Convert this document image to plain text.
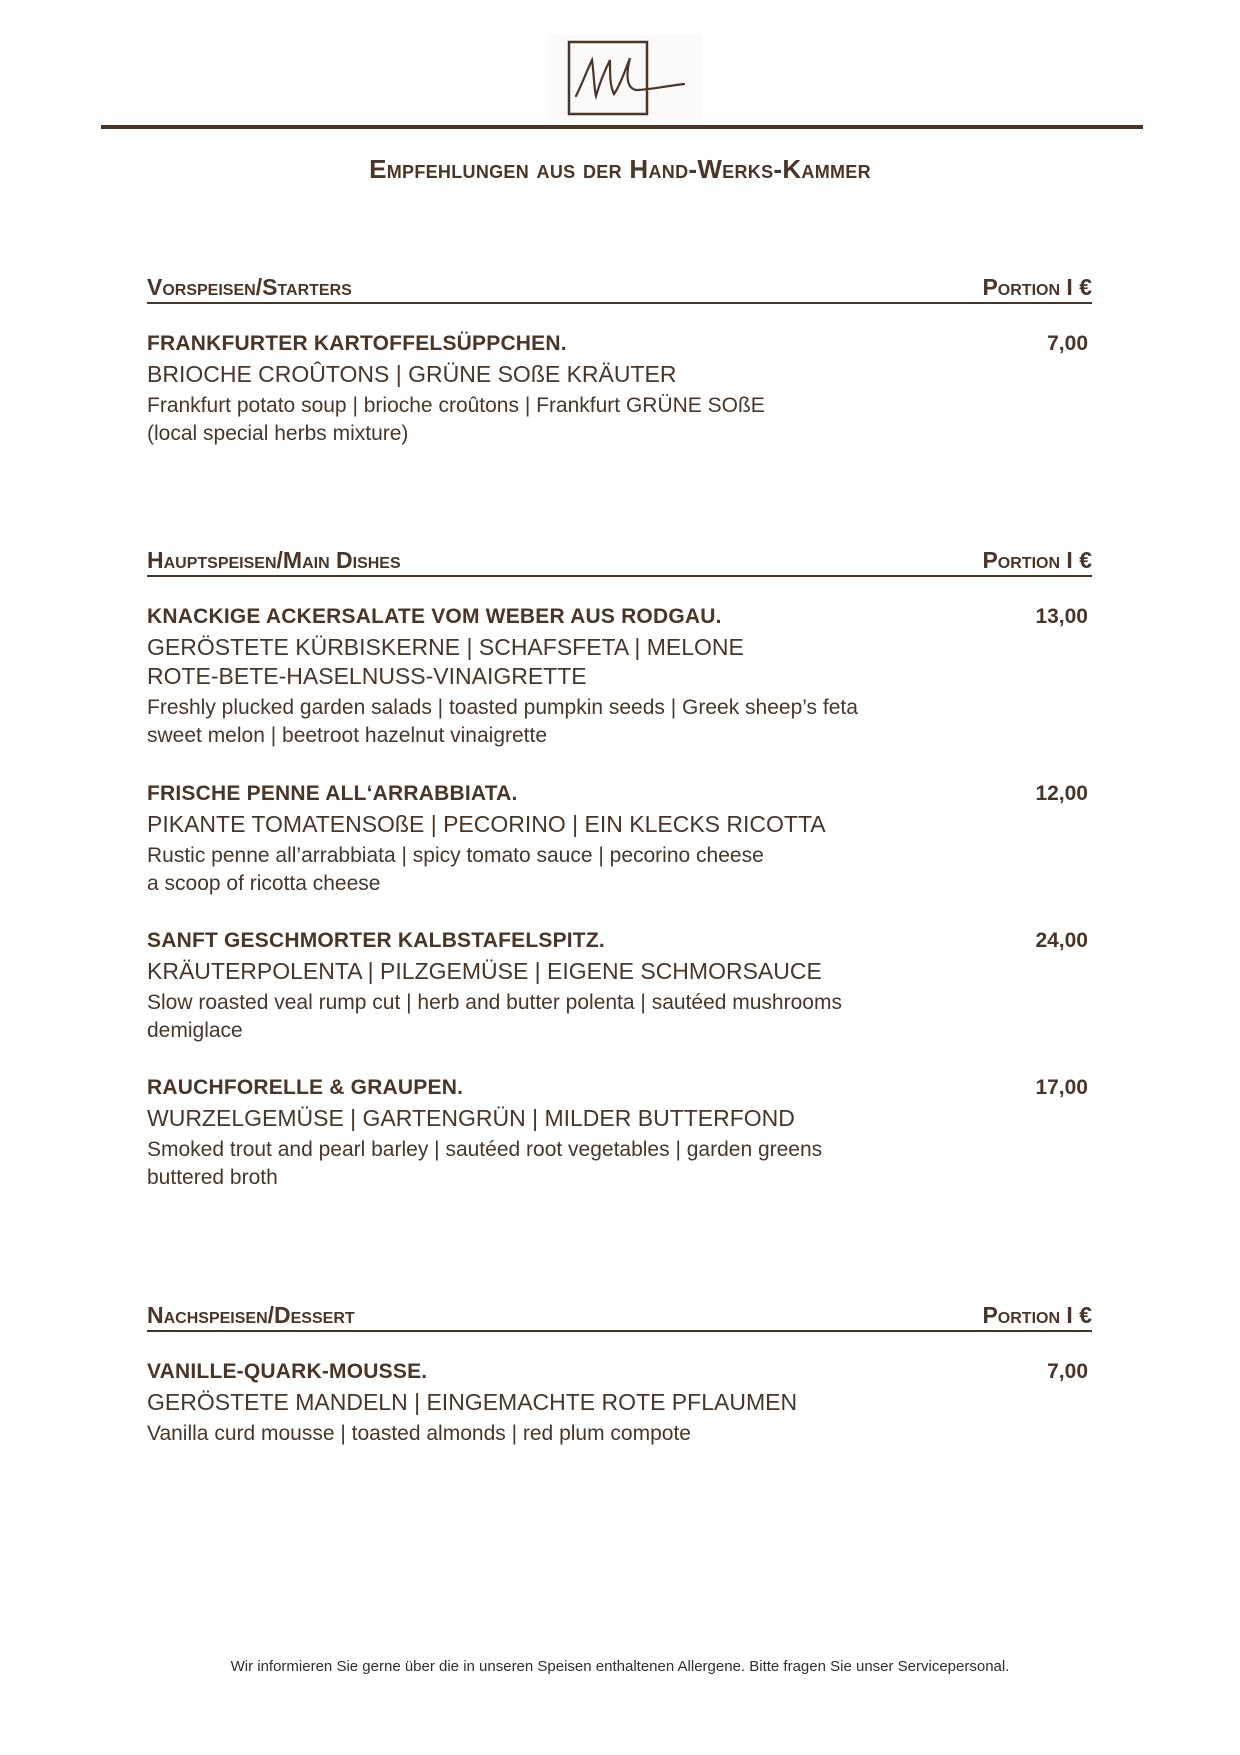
Empfehlungen aus der Hand-Werks-Kammer
Vorspeisen/Starters	Portion I €
FRANKFURTER KARTOFFELSÜPPCHEN.	7,00
BRIOCHE CROÛTONS | GRÜNE SOßE KRÄUTER
Frankfurt potato soup | brioche croûtons | Frankfurt GRÜNE SOßE
(local special herbs mixture)
Hauptspeisen/Main Dishes	Portion I €
KNACKIGE ACKERSALATE VOM WEBER AUS RODGAU.	13,00
GERÖSTETE KÜRBISKERNE | SCHAFSFETA | MELONE
ROTE-BETE-HASELNUSS-VINAIGRETTE
Freshly plucked garden salads | toasted pumpkin seeds | Greek sheep’s feta
sweet melon | beetroot hazelnut vinaigrette
FRISCHE PENNE ALL‘ARRABBIATA.	12,00
PIKANTE TOMATENSOßE | PECORINO | EIN KLECKS RICOTTA
Rustic penne all’arrabbiata | spicy tomato sauce | pecorino cheese
a scoop of ricotta cheese
SANFT GESCHMORTER KALBSTAFELSPITZ.	24,00
KRÄUTERPOLENTA | PILZGEMÜSE | EIGENE SCHMORSAUCE
Slow roasted veal rump cut | herb and butter polenta | sautéed mushrooms
demiglace
RAUCHFORELLE & GRAUPEN.	17,00
WURZELGEMÜSE | GARTENGRÜN | MILDER BUTTERFOND
Smoked trout and pearl barley | sautéed root vegetables | garden greens
buttered broth
Nachspeisen/Dessert	Portion I €
VANILLE-QUARK-MOUSSE.	7,00
GERÖSTETE MANDELN | EINGEMACHTE ROTE PFLAUMEN
Vanilla curd mousse | toasted almonds | red plum compote
Wir informieren Sie gerne über die in unseren Speisen enthaltenen Allergene. Bitte fragen Sie unser Servicepersonal.
